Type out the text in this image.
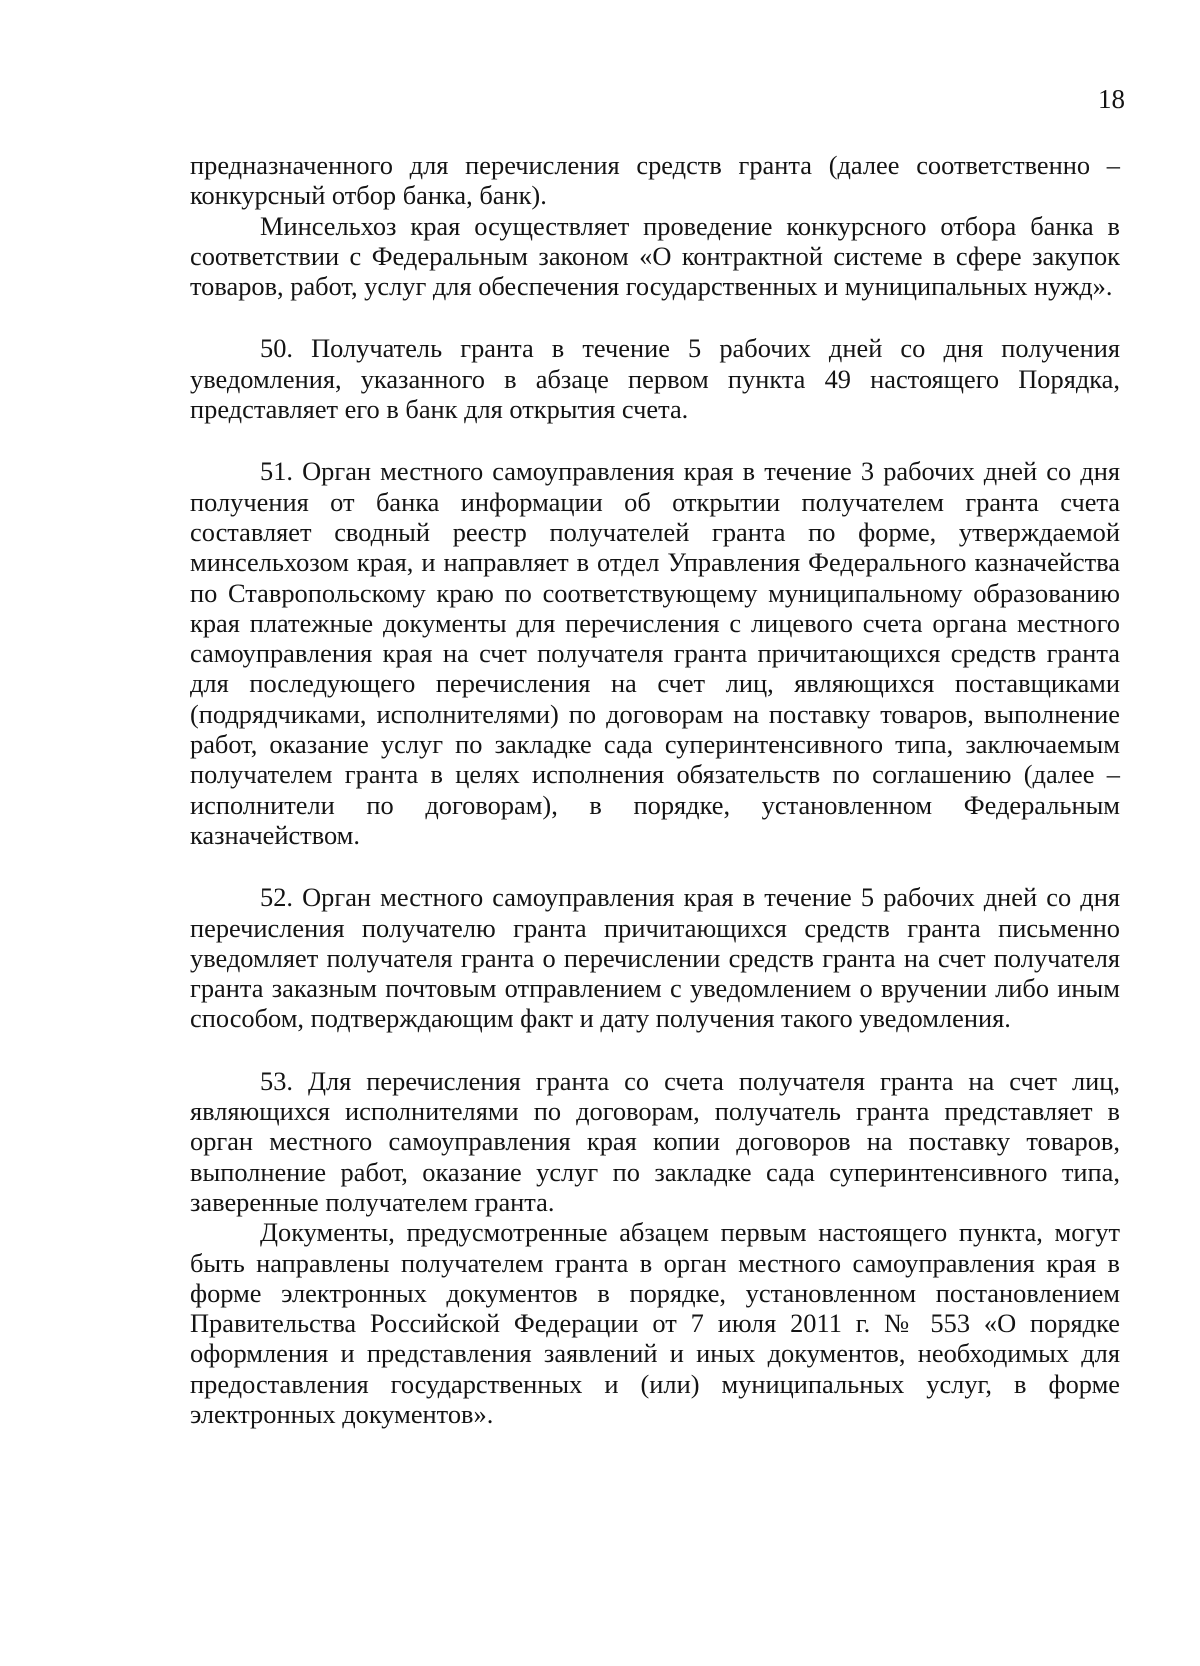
18

предназначенного для перечисления средств гранта (далее соответственно – конкурсный отбор банка, банк).

Минсельхоз края осуществляет проведение конкурсного отбора банка в соответствии с Федеральным законом «О контрактной системе в сфере закупок товаров, работ, услуг для обеспечения государственных и муниципальных нужд».

50. Получатель гранта в течение 5 рабочих дней со дня получения уведомления, указанного в абзаце первом пункта 49 настоящего Порядка, представляет его в банк для открытия счета.

51. Орган местного самоуправления края в течение 3 рабочих дней со дня получения от банка информации об открытии получателем гранта счета составляет сводный реестр получателей гранта по форме, утверждаемой минсельхозом края, и направляет в отдел Управления Федерального казначейства по Ставропольскому краю по соответствующему муниципальному образованию края платежные документы для перечисления с лицевого счета органа местного самоуправления края на счет получателя гранта причитающихся средств гранта для последующего перечисления на счет лиц, являющихся поставщиками (подрядчиками, исполнителями) по договорам на поставку товаров, выполнение работ, оказание услуг по закладке сада суперинтенсивного типа, заключаемым получателем гранта в целях исполнения обязательств по соглашению (далее – исполнители по договорам), в порядке, установленном Федеральным казначейством.

52. Орган местного самоуправления края в течение 5 рабочих дней со дня перечисления получателю гранта причитающихся средств гранта письменно уведомляет получателя гранта о перечислении средств гранта на счет получателя гранта заказным почтовым отправлением с уведомлением о вручении либо иным способом, подтверждающим факт и дату получения такого уведомления.

53. Для перечисления гранта со счета получателя гранта на счет лиц, являющихся исполнителями по договорам, получатель гранта представляет в орган местного самоуправления края копии договоров на поставку товаров, выполнение работ, оказание услуг по закладке сада суперинтенсивного типа, заверенные получателем гранта.

Документы, предусмотренные абзацем первым настоящего пункта, могут быть направлены получателем гранта в орган местного самоуправления края в форме электронных документов в порядке, установленном постановлением Правительства Российской Федерации от 7 июля 2011 г. № 553 «О порядке оформления и представления заявлений и иных документов, необходимых для предоставления государственных и (или) муниципальных услуг, в форме электронных документов».
